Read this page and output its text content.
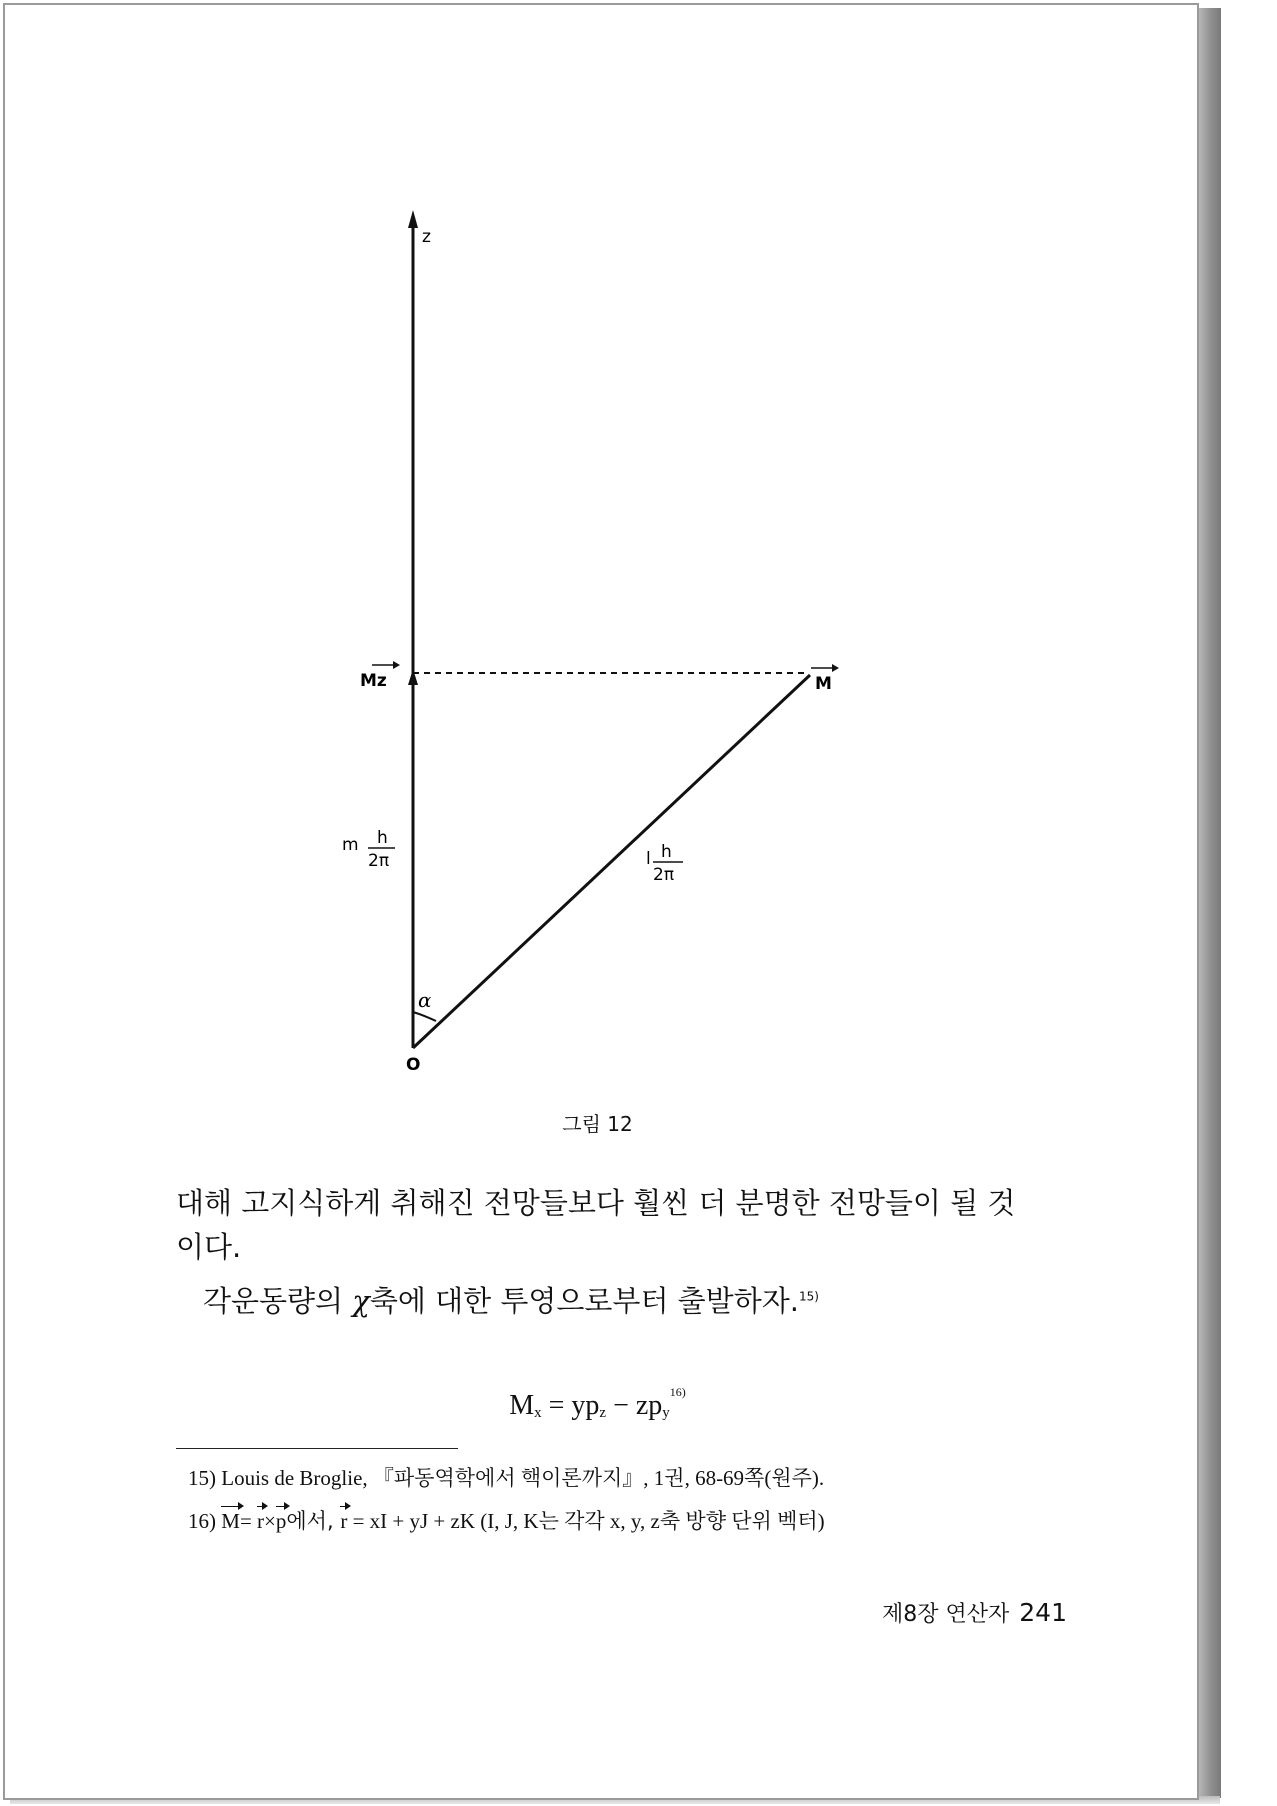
z
α
O
Mz	M
m h
2π	l h
2π
그림 12
대해 고지식하게 취해진 전망들보다 훨씬 더 분명한 전망들이 될 것
이다.
각운동량의 χ축에 대한 투영으로부터 출발하자.$^{15)}$
$M_x = yp_z - zp_y^{16)}$
15) Louis de Broglie, 『파동역학에서 핵이론까지』, 1권, 68-69쪽(원주).
16) M= r×p에서, r = xI + yJ + zK (I, J, K는 각각 x, y, z축 방향 단위 벡터)
제8장 연산자 241
